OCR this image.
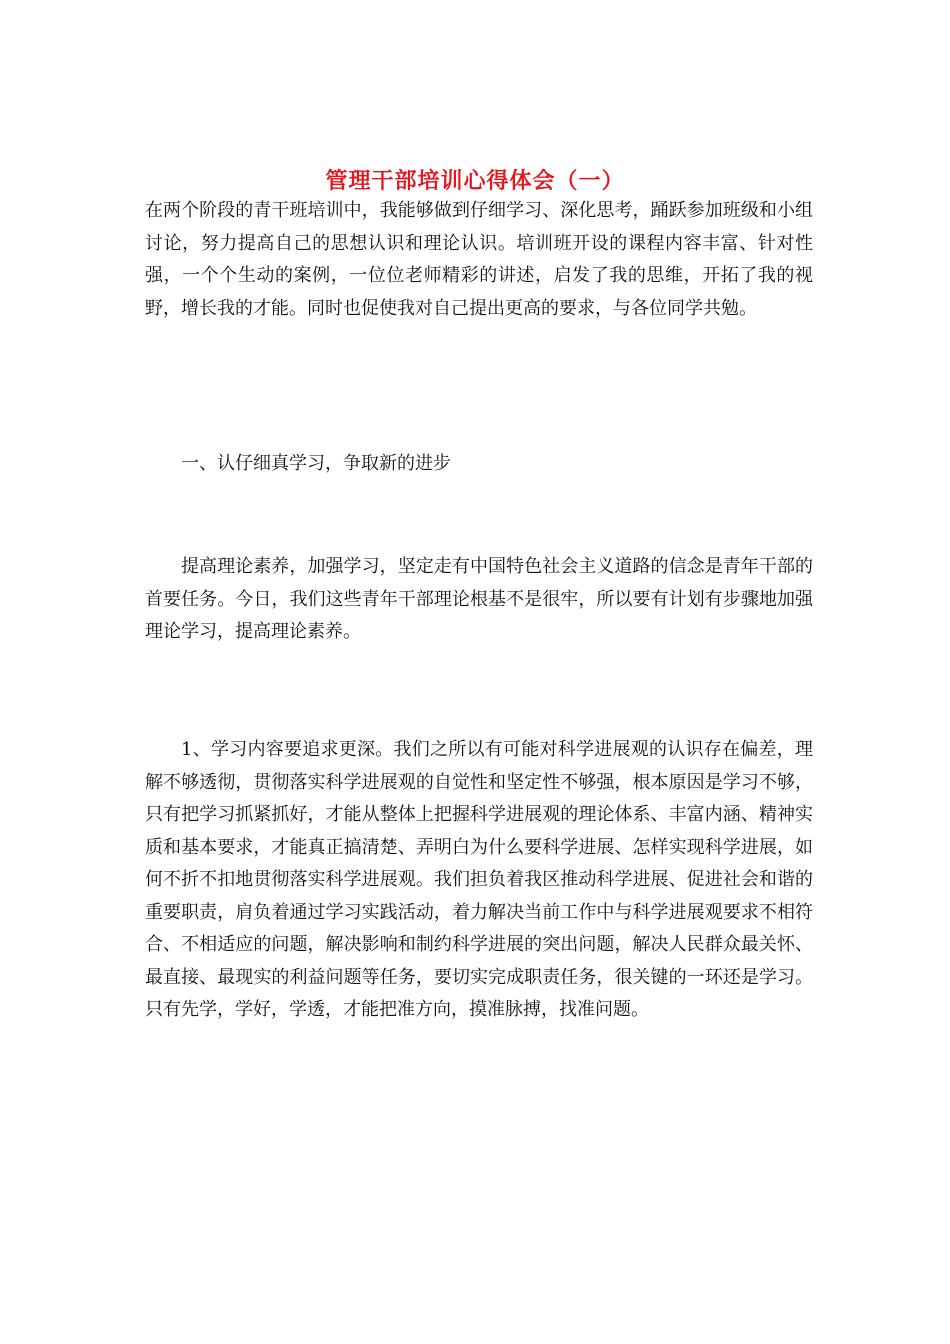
管理干部培训心得体会（一）

在两个阶段的青干班培训中，我能够做到仔细学习、深化思考，踊跃参加班级和小组讨论，努力提高自己的思想认识和理论认识。培训班开设的课程内容丰富、针对性强，一个个生动的案例，一位位老师精彩的讲述，启发了我的思维，开拓了我的视野，增长我的才能。同时也促使我对自己提出更高的要求，与各位同学共勉。

一、认仔细真学习，争取新的进步

提高理论素养，加强学习，坚定走有中国特色社会主义道路的信念是青年干部的首要任务。今日，我们这些青年干部理论根基不是很牢，所以要有计划有步骤地加强理论学习，提高理论素养。

1、学习内容要追求更深。我们之所以有可能对科学进展观的认识存在偏差，理解不够透彻，贯彻落实科学进展观的自觉性和坚定性不够强，根本原因是学习不够，只有把学习抓紧抓好，才能从整体上把握科学进展观的理论体系、丰富内涵、精神实质和基本要求，才能真正搞清楚、弄明白为什么要科学进展、怎样实现科学进展，如何不折不扣地贯彻落实科学进展观。我们担负着我区推动科学进展、促进社会和谐的重要职责，肩负着通过学习实践活动，着力解决当前工作中与科学进展观要求不相符合、不相适应的问题，解决影响和制约科学进展的突出问题，解决人民群众最关怀、最直接、最现实的利益问题等任务，要切实完成职责任务，很关键的一环还是学习。只有先学，学好，学透，才能把准方向，摸准脉搏，找准问题。
